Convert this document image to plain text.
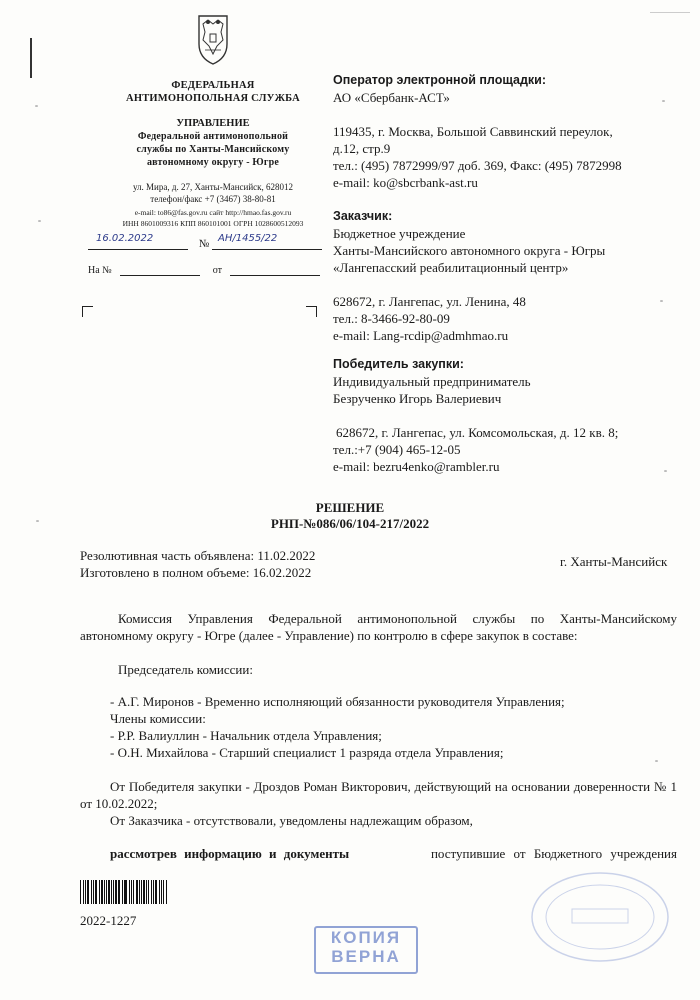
ФЕДЕРАЛЬНАЯ
АНТИМОНОПОЛЬНАЯ СЛУЖБА
УПРАВЛЕНИЕ
Федеральной антимонопольной
службы по Ханты-Мансийскому
автономному округу - Югре
ул. Мира, д. 27, Ханты-Мансийск, 628012
телефон/факс +7 (3467) 38-80-81
e-mail: to86@fas.gov.ru сайт http://hmao.fas.gov.ru
ИНН 8601009316 КПП 860101001 ОГРН 1028600512093
16.02.2022	№ АН/1455/22
На №	от
Оператор электронной площадки:
АО «Сбербанк-АСТ»
119435, г. Москва, Большой Саввинский переулок,
д.12, стр.9
тел.: (495) 7872999/97 доб. 369, Факс: (495) 7872998
e-mail: ko@sbcrbank-ast.ru
Заказчик:
Бюджетное учреждение
Ханты-Мансийского автономного округа - Югры
«Лангепасский реабилитационный центр»
628672, г. Лангепас, ул. Ленина, 48
тел.: 8-3466-92-80-09
e-mail: Lang-rcdip@admhmao.ru
Победитель закупки:
Индивидуальный предприниматель
Безрученко Игорь Валериевич
628672, г. Лангепас, ул. Комсомольская, д. 12 кв. 8;
тел.:+7 (904) 465-12-05
e-mail: bezru4enko@rambler.ru
РЕШЕНИЕ
РНП-№086/06/104-217/2022
Резолютивная часть объявлена: 11.02.2022
Изготовлено в полном объеме: 16.02.2022
г. Ханты-Мансийск
Комиссия Управления Федеральной антимонопольной службы по Ханты-Мансийскому автономному округу - Югре (далее - Управление) по контролю в сфере закупок в составе:
Председатель комиссии:
- А.Г. Миронов - Временно исполняющий обязанности руководителя Управления;
Члены комиссии:
- Р.Р. Валиуллин - Начальник отдела Управления;
- О.Н. Михайлова - Старший специалист 1 разряда отдела Управления;
От Победителя закупки - Дроздов Роман Викторович, действующий на основании доверенности № 1 от 10.02.2022;
От Заказчика - отсутствовали, уведомлены надлежащим образом,
рассмотрев информацию и документы	поступившие от Бюджетного учреждения
2022-1227
КОПИЯ
ВЕРНА
